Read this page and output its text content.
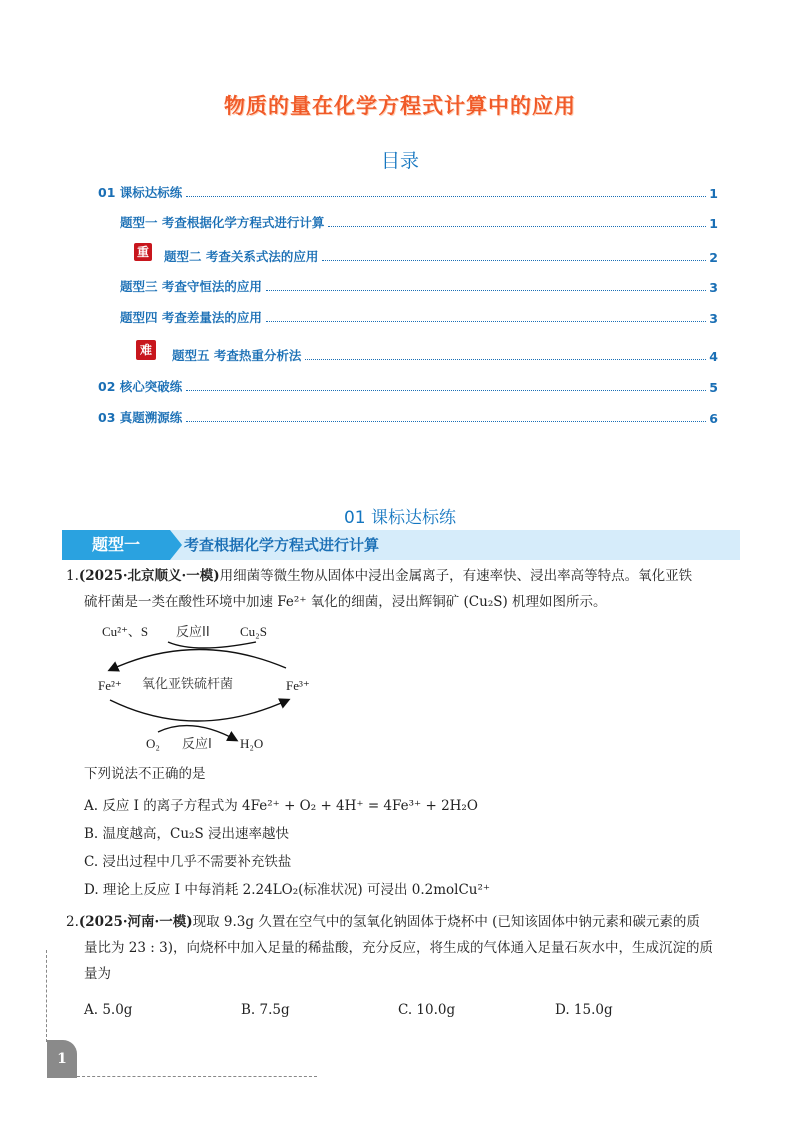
物质的量在化学方程式计算中的应用
目录
01 课标达标练	1
题型一 考查根据化学方程式进行计算	1
重 题型二 考查关系式法的应用	2
题型三 考查守恒法的应用	3
题型四 考查差量法的应用	3
难	题型五 考查热重分析法	4
02 核心突破练	5
03 真题溯源练	6
01 课标达标练
题型一	考查根据化学方程式进行计算
1.(2025·北京顺义·一模)用细菌等微生物从固体中浸出金属离子，有速率快、浸出率高等特点。氧化亚铁
硫杆菌是一类在酸性环境中加速 Fe²⁺ 氧化的细菌，浸出辉铜矿 (Cu₂S) 机理如图所示。
Cu²⁺、S 反应II Cu₂S
Fe²⁺ 氧化亚铁硫杆菌	Fe³⁺
O₂ 反应I H₂O
下列说法不正确的是
A. 反应 I 的离子方程式为 4Fe²⁺ + O₂ + 4H⁺ = 4Fe³⁺ + 2H₂O
B. 温度越高，Cu₂S 浸出速率越快
C. 浸出过程中几乎不需要补充铁盐
D. 理论上反应 I 中每消耗 2.24LO₂(标准状况) 可浸出 0.2molCu²⁺
2.(2025·河南·一模)现取 9.3g 久置在空气中的氢氧化钠固体于烧杯中 (已知该固体中钠元素和碳元素的质
量比为 23 : 3)，向烧杯中加入足量的稀盐酸，充分反应，将生成的气体通入足量石灰水中，生成沉淀的质
量为
A. 5.0g	B. 7.5g	C. 10.0g	D. 15.0g
1
